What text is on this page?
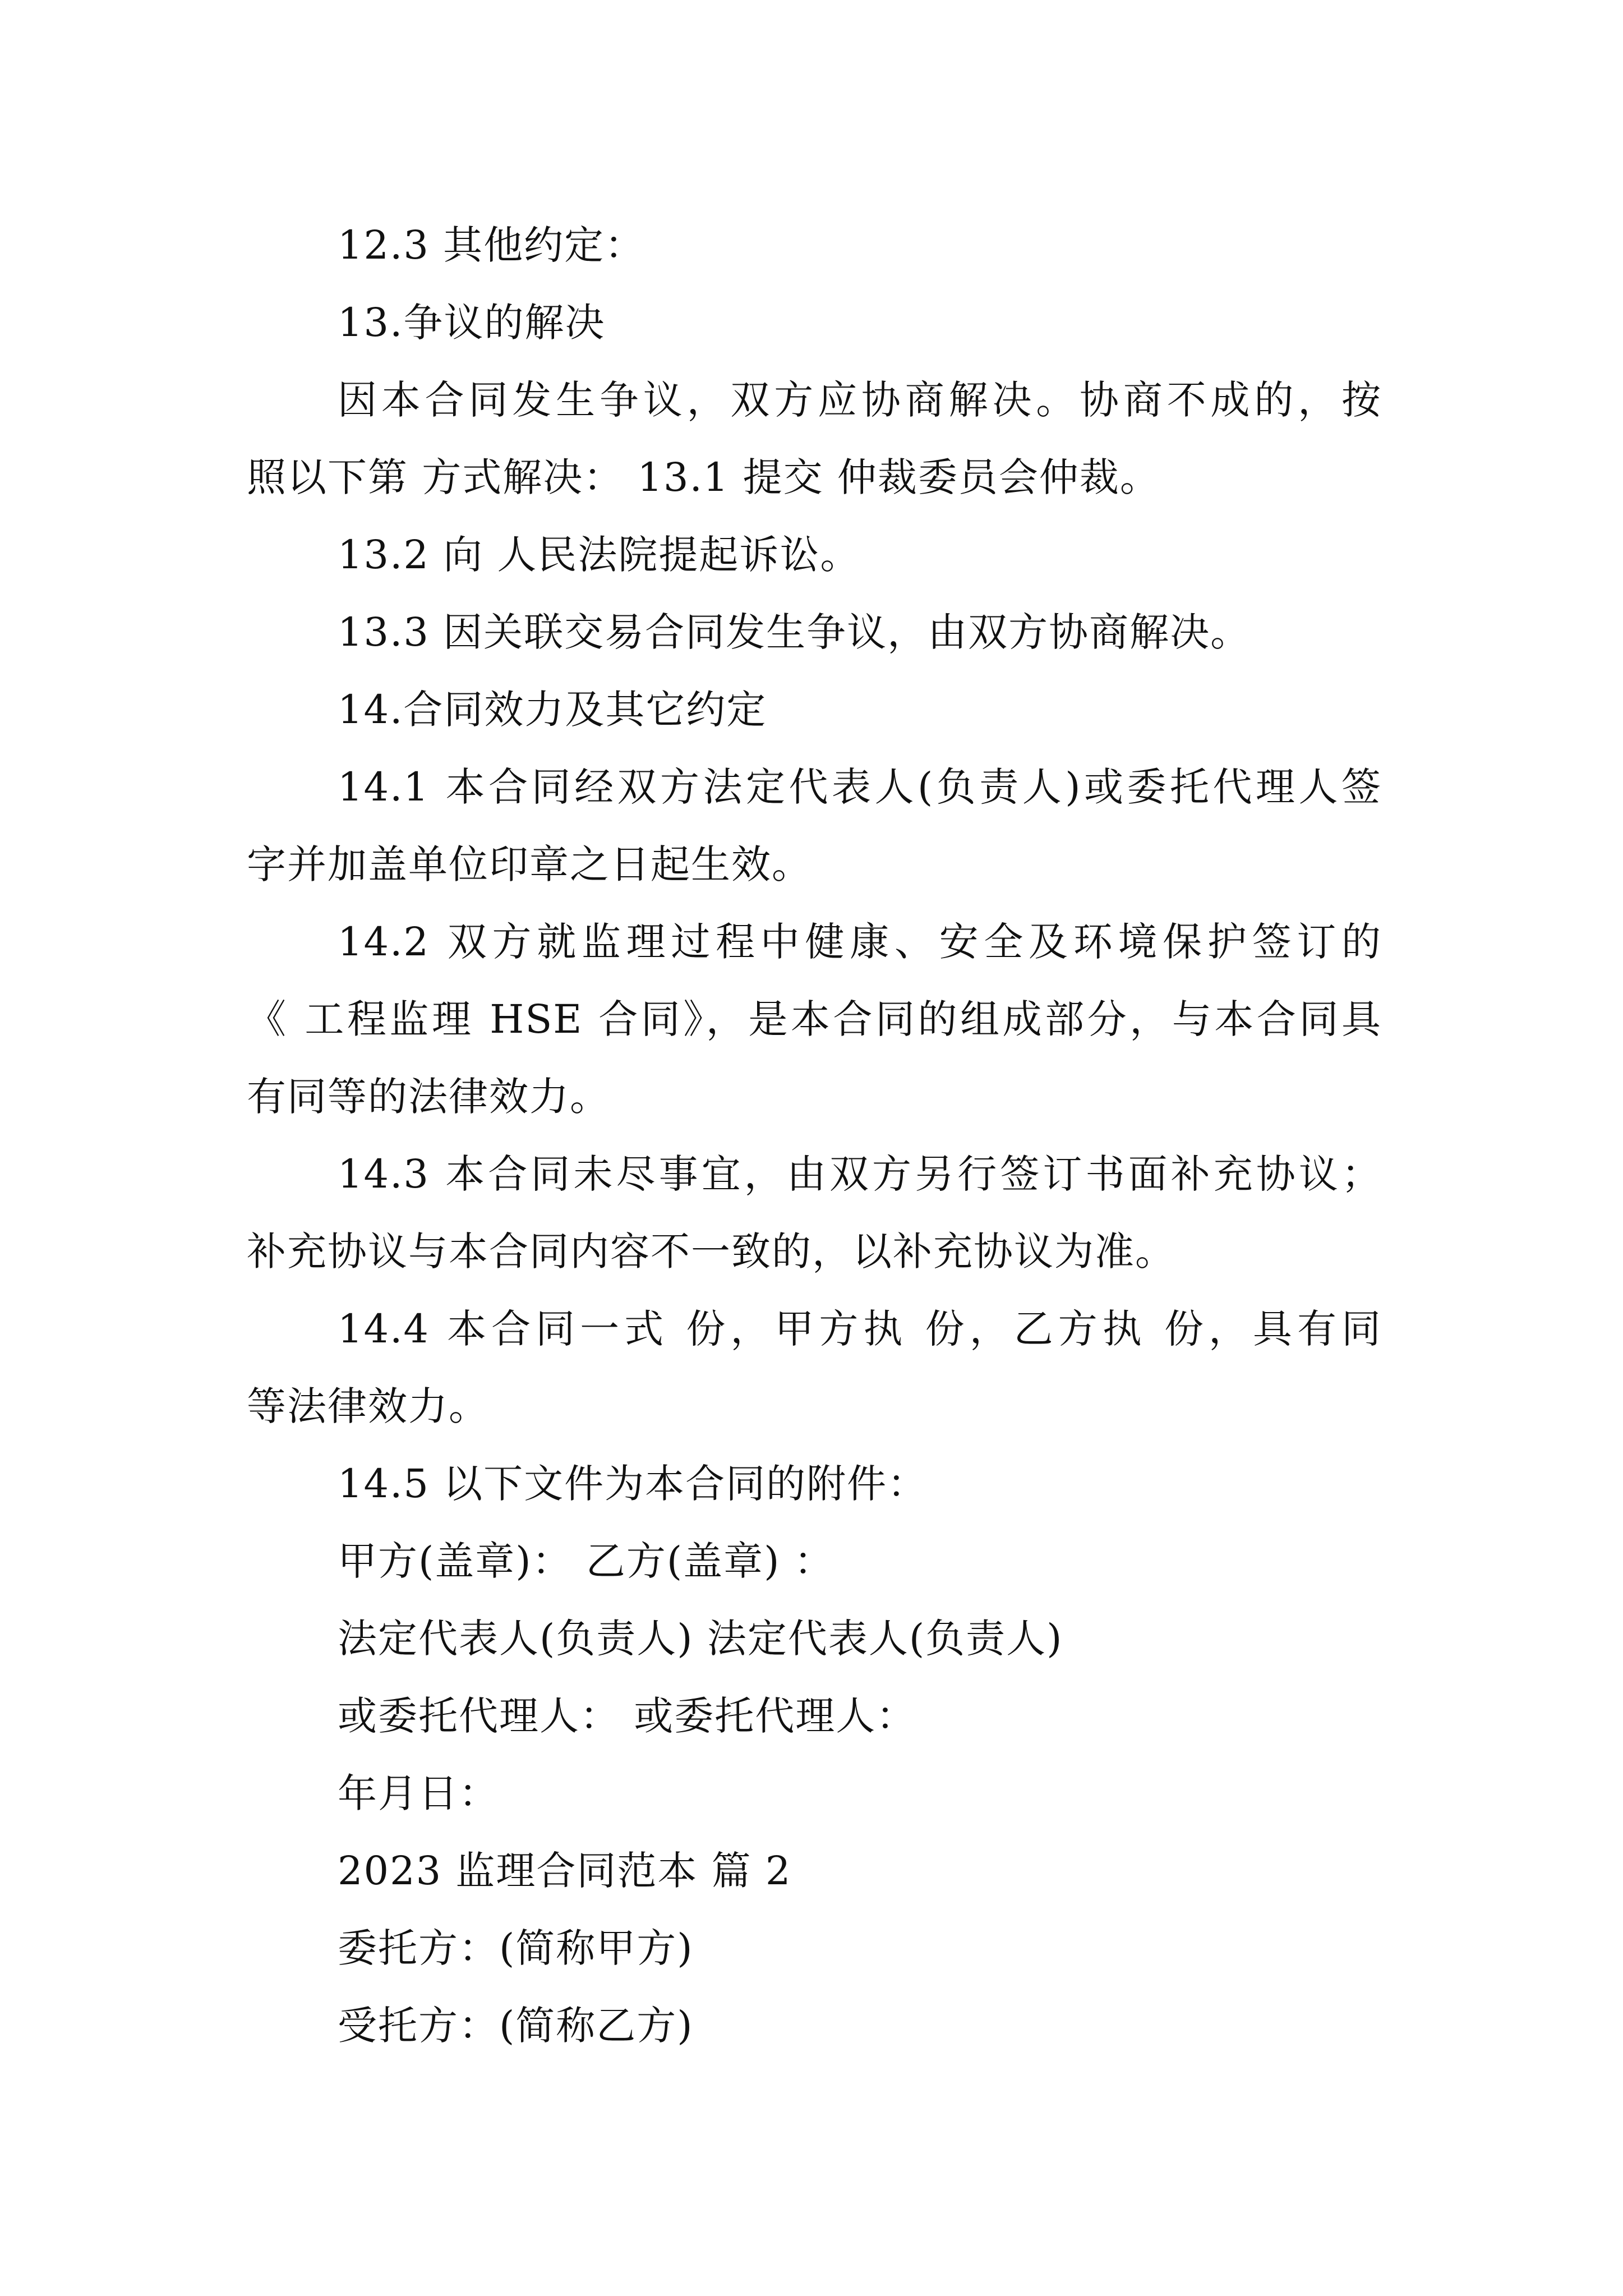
12.3 其他约定：
13.争议的解决
因本合同发生争议，双方应协商解决。协商不成的，按
照以下第 方式解决： 13.1 提交 仲裁委员会仲裁。
13.2 向 人民法院提起诉讼。
13.3 因关联交易合同发生争议，由双方协商解决。
14.合同效力及其它约定
14.1 本合同经双方法定代表人(负责人)或委托代理人签
字并加盖单位印章之日起生效。
14.2 双方就监理过程中健康、安全及环境保护签订的
《 工程监理 HSE 合同》，是本合同的组成部分，与本合同具
有同等的法律效力。
14.3 本合同未尽事宜，由双方另行签订书面补充协议；
补充协议与本合同内容不一致的，以补充协议为准。
14.4 本合同一式 份，甲方执 份，乙方执 份，具有同
等法律效力。
14.5 以下文件为本合同的附件：
甲方(盖章)： 乙方(盖章) ：
法定代表人(负责人) 法定代表人(负责人)
或委托代理人： 或委托代理人：
年月日：
2023 监理合同范本 篇 2
委托方：(简称甲方)
受托方：(简称乙方)
